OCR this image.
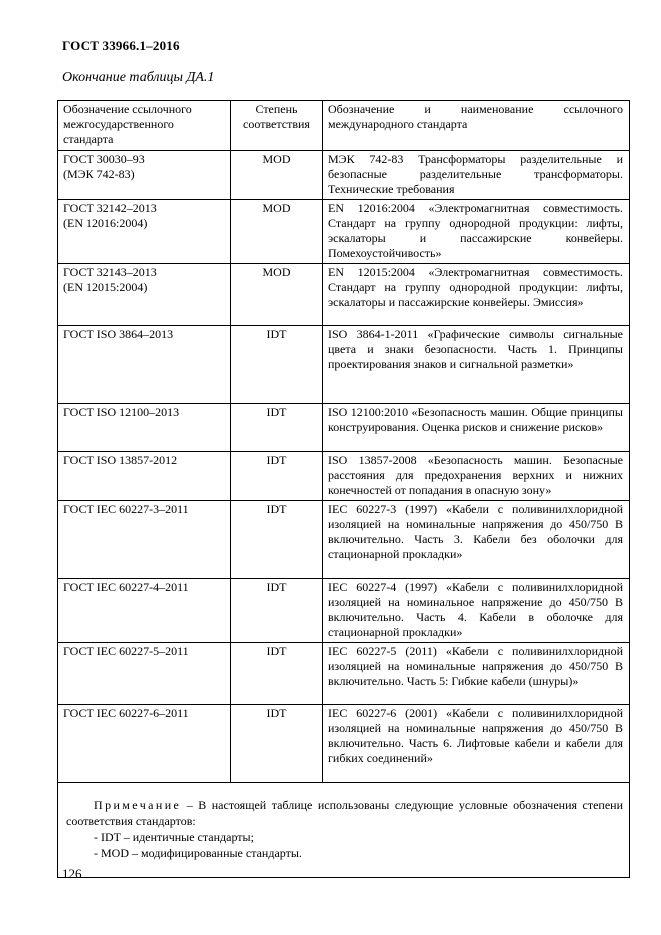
ГОСТ 33966.1–2016
Окончание таблицы ДА.1
Обозначение ссылочного межгосударственного стандарта	Степень соответствия	Обозначение и наименование ссылочного международного стандарта

ГОСТ 30030–93
(МЭК 742-83)	MOD	МЭК 742-83 Трансформаторы разделительные и безопасные разделительные трансформаторы. Технические требования

ГОСТ 32142–2013
(EN 12016:2004)	MOD	EN 12016:2004 «Электромагнитная совместимость. Стандарт на группу однородной продукции: лифты, эскалаторы и пассажирские конвейеры. Помехоустойчивость»

ГОСТ 32143–2013
(EN 12015:2004)	MOD	EN 12015:2004 «Электромагнитная совместимость. Стандарт на группу однородной продукции: лифты, эскалаторы и пассажирские конвейеры. Эмиссия»

ГОСТ ISO 3864–2013	IDT	ISO 3864-1-2011 «Графические символы сигнальные цвета и знаки безопасности. Часть 1. Принципы проектирования знаков и сигнальной разметки»

ГОСТ ISO 12100–2013	IDT	ISO 12100:2010 «Безопасность машин. Общие принципы конструирования. Оценка рисков и снижение рисков»

ГОСТ ISO 13857-2012	IDT	ISO 13857-2008 «Безопасность машин. Безопасные расстояния для предохранения верхних и нижних конечностей от попадания в опасную зону»

ГОСТ IEC 60227-3–2011	IDT	IEC 60227-3 (1997) «Кабели с поливинилхлоридной изоляцией на номинальные напряжения до 450/750 В включительно. Часть 3. Кабели без оболочки для стационарной прокладки»

ГОСТ IEC 60227-4–2011	IDT	IEC 60227-4 (1997) «Кабели с поливинилхлоридной изоляцией на номинальное напряжение до 450/750 В включительно. Часть 4. Кабели в оболочке для стационарной прокладки»

ГОСТ IEC 60227-5–2011	IDT	IEC 60227-5 (2011) «Кабели с поливинилхлоридной изоляцией на номинальные напряжения до 450/750 В включительно. Часть 5: Гибкие кабели (шнуры)»

ГОСТ IEC 60227-6–2011	IDT	IEC 60227-6 (2001) «Кабели с поливинилхлоридной изоляцией на номинальные напряжения до 450/750 В включительно. Часть 6. Лифтовые кабели и кабели для гибких соединений»

Примечание – В настоящей таблице использованы следующие условные обозначения степени соответствия стандартов:
- IDT – идентичные стандарты;
- MOD – модифицированные стандарты.		
126
